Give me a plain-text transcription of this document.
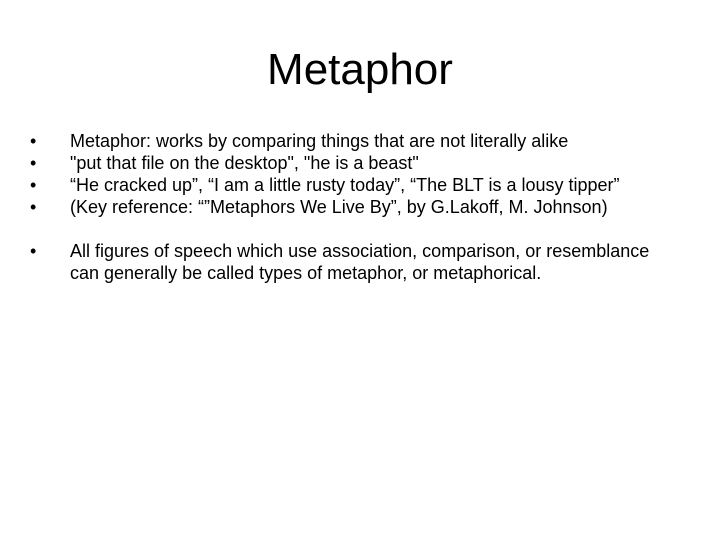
Metaphor
•	Metaphor: works by comparing things that are not literally alike
•	"put that file on the desktop", "he is a beast"
•	“He cracked up”, “I am a little rusty today”, “The BLT is a lousy tipper”
•	(Key reference: “”Metaphors We Live By”, by G.Lakoff, M. Johnson)
•	All figures of speech which use association, comparison, or resemblance can generally be called types of metaphor, or metaphorical.
